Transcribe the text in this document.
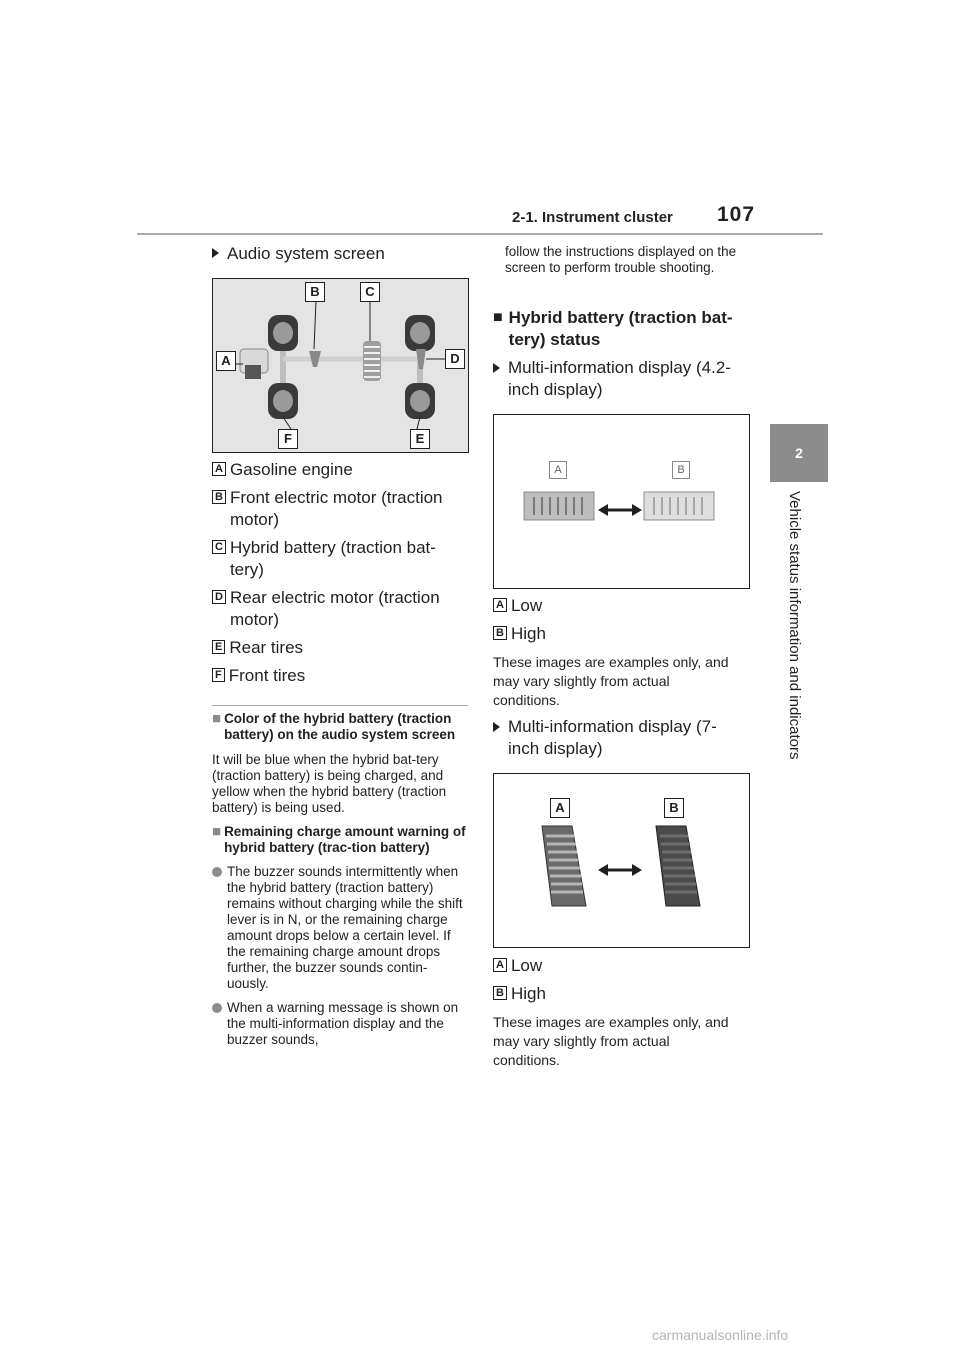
2-1. Instrument cluster 107
2
Vehicle status information and indicators
Audio system screen
B	C
A	D
F	E
A Gasoline engine
B Front electric motor (traction motor)
C Hybrid battery (traction bat-tery)
D Rear electric motor (traction motor)
E Rear tires
F Front tires
■ Color of the hybrid battery (traction battery) on the audio system screen
It will be blue when the hybrid bat-tery (traction battery) is being charged, and yellow when the hybrid battery (traction battery) is being used.
■ Remaining charge amount warning of hybrid battery (trac-tion battery)
The buzzer sounds intermittently when the hybrid battery (traction battery) remains without charging while the shift lever is in N, or the remaining charge amount drops below a certain level. If the remaining charge amount drops further, the buzzer sounds contin-uously.
When a warning message is shown on the multi-information display and the buzzer sounds,
follow the instructions displayed on the screen to perform trouble shooting.
■ Hybrid battery (traction bat-tery) status
Multi-information display (4.2-inch display)
A	B
A Low
B High
These images are examples only, and may vary slightly from actual conditions.
Multi-information display (7-inch display)
A	B
A Low
B High
These images are examples only, and may vary slightly from actual conditions.
carmanualsonline.info
